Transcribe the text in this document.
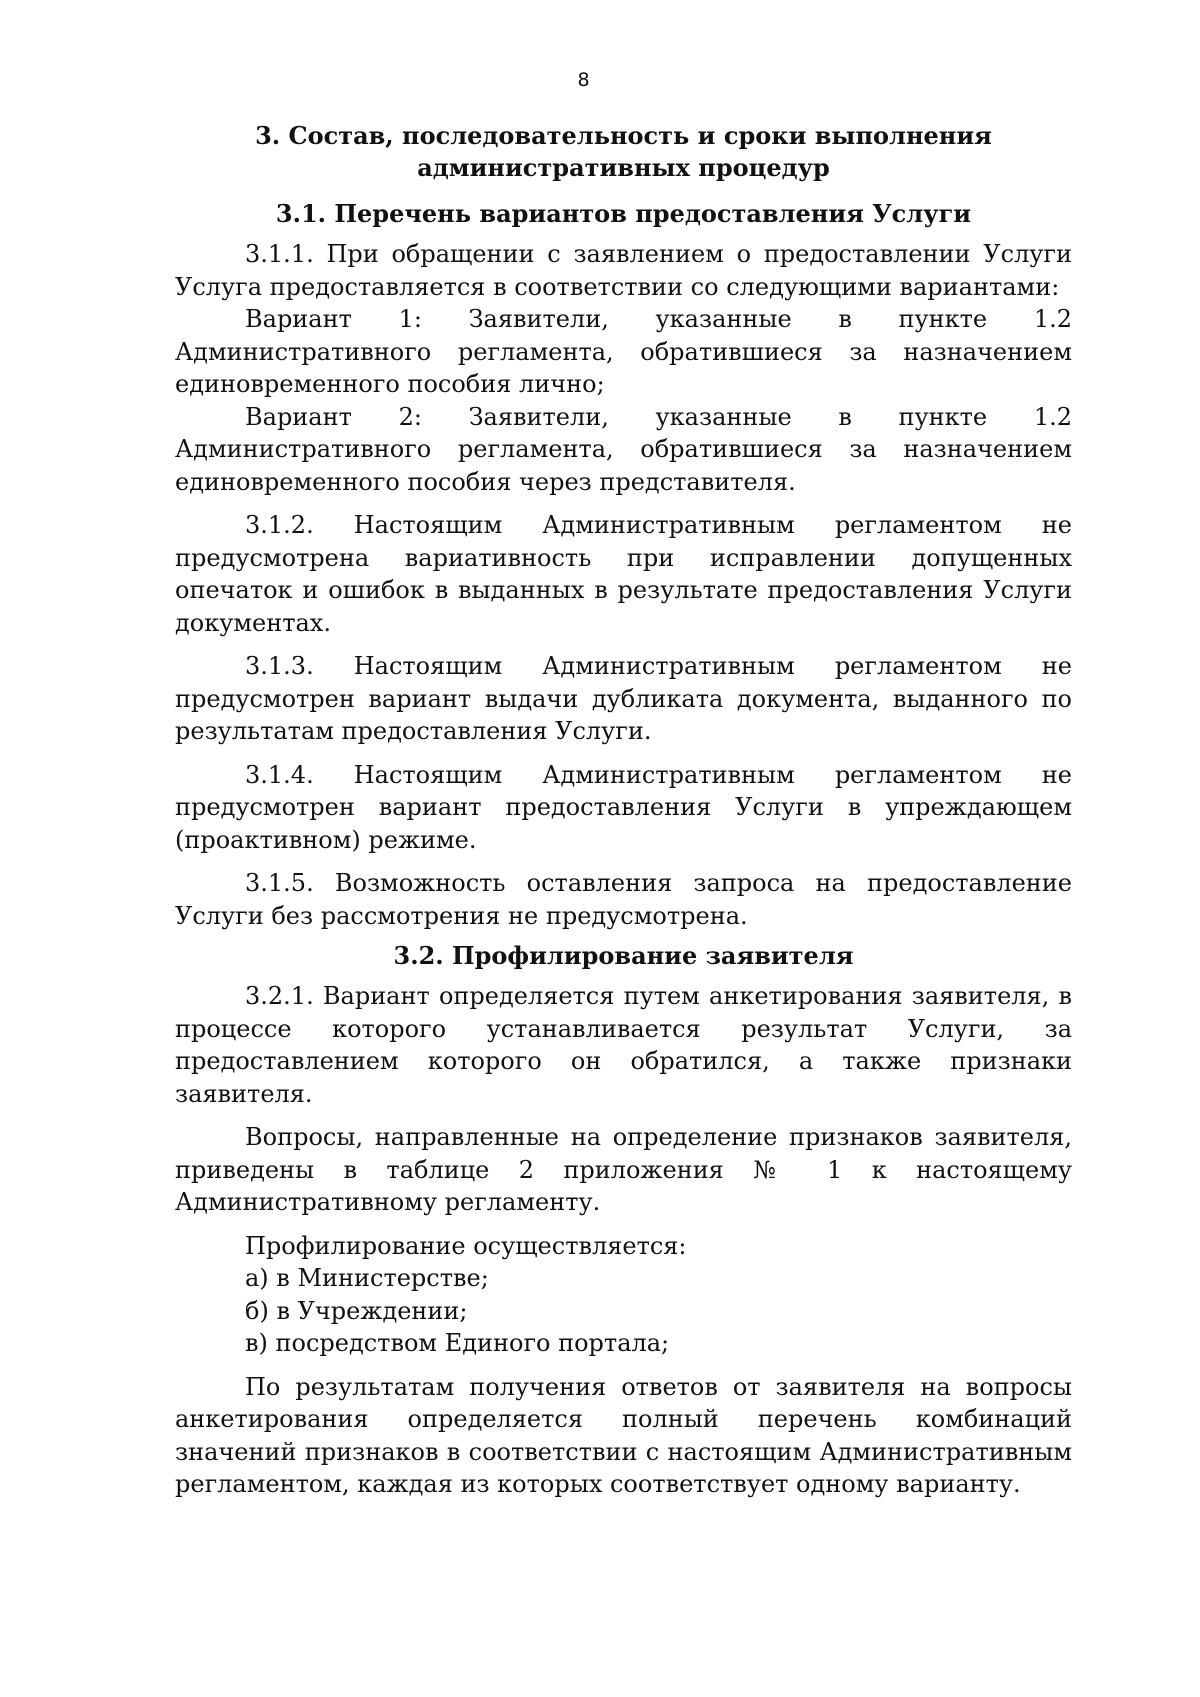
8
3. Состав, последовательность и сроки выполнения административных процедур
3.1. Перечень вариантов предоставления Услуги

3.1.1. При обращении с заявлением о предоставлении Услуги Услуга предоставляется в соответствии со следующими вариантами:

Вариант 1: Заявители, указанные в пункте 1.2 Административного регламента, обратившиеся за назначением единовременного пособия лично;

Вариант 2: Заявители, указанные в пункте 1.2 Административного регламента, обратившиеся за назначением единовременного пособия через представителя.

3.1.2. Настоящим Административным регламентом не предусмотрена вариативность при исправлении допущенных опечаток и ошибок в выданных в результате предоставления Услуги документах.

3.1.3. Настоящим Административным регламентом не предусмотрен вариант выдачи дубликата документа, выданного по результатам предоставления Услуги.

3.1.4. Настоящим Административным регламентом не предусмотрен вариант предоставления Услуги в упреждающем (проактивном) режиме.

3.1.5. Возможность оставления запроса на предоставление Услуги без рассмотрения не предусмотрена.

3.2. Профилирование заявителя

3.2.1. Вариант определяется путем анкетирования заявителя, в процессе которого устанавливается результат Услуги, за предоставлением которого он обратился, а также признаки заявителя.

Вопросы, направленные на определение признаков заявителя, приведены в таблице 2 приложения № 1 к настоящему Административному регламенту.

Профилирование осуществляется:

а) в Министерстве;
б) в Учреждении;
в) посредством Единого портала;

По результатам получения ответов от заявителя на вопросы анкетирования определяется полный перечень комбинаций значений признаков в соответствии с настоящим Административным регламентом, каждая из которых соответствует одному варианту.
